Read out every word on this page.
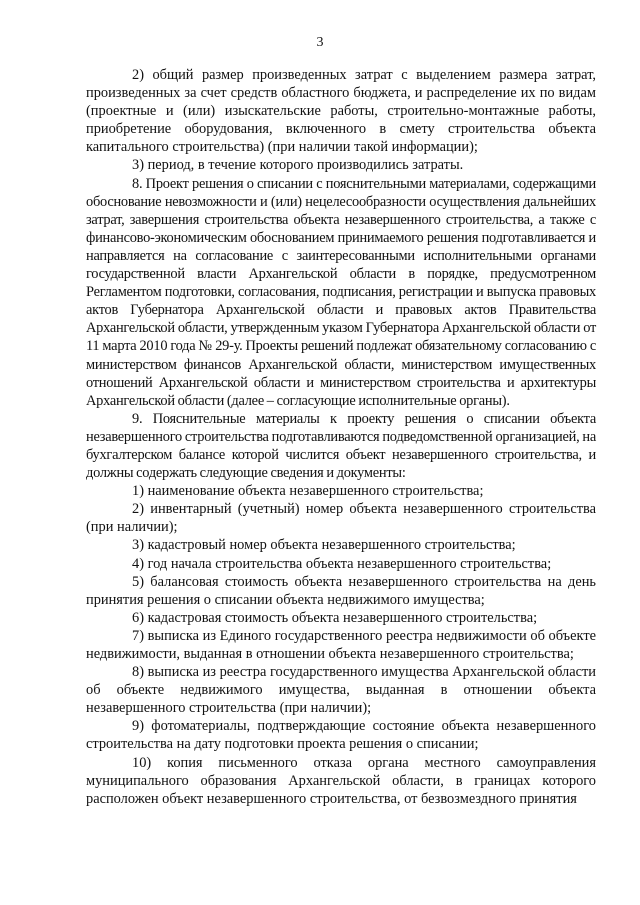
3

2) общий размер произведенных затрат с выделением размера затрат, произведенных за счет средств областного бюджета, и распределение их по видам (проектные и (или) изыскательские работы, строительно-монтажные работы, приобретение оборудования, включенного в смету строительства объекта капитального строительства) (при наличии такой информации);

3) период, в течение которого производились затраты.

8. Проект решения о списании с пояснительными материалами, содержащими обоснование невозможности и (или) нецелесообразности осуществления дальнейших затрат, завершения строительства объекта незавершенного строительства, а также с финансово-экономическим обоснованием принимаемого решения подготавливается и направляется на согласование с заинтересованными исполнительными органами государственной власти Архангельской области в порядке, предусмотренном Регламентом подготовки, согласования, подписания, регистрации и выпуска правовых актов Губернатора Архангельской области и правовых актов Правительства Архангельской области, утвержденным указом Губернатора Архангельской области от 11 марта 2010 года № 29-у. Проекты решений подлежат обязательному согласованию с министерством финансов Архангельской области, министерством имущественных отношений Архангельской области и министерством строительства и архитектуры Архангельской области (далее – согласующие исполнительные органы).

9. Пояснительные материалы к проекту решения о списании объекта незавершенного строительства подготавливаются подведомственной организацией, на бухгалтерском балансе которой числится объект незавершенного строительства, и должны содержать следующие сведения и документы:

1) наименование объекта незавершенного строительства;

2) инвентарный (учетный) номер объекта незавершенного строительства (при наличии);

3) кадастровый номер объекта незавершенного строительства;

4) год начала строительства объекта незавершенного строительства;

5) балансовая стоимость объекта незавершенного строительства на день принятия решения о списании объекта недвижимого имущества;

6) кадастровая стоимость объекта незавершенного строительства;

7) выписка из Единого государственного реестра недвижимости об объекте недвижимости, выданная в отношении объекта незавершенного строительства;

8) выписка из реестра государственного имущества Архангельской области об объекте недвижимого имущества, выданная в отношении объекта незавершенного строительства (при наличии);

9) фотоматериалы, подтверждающие состояние объекта незавершенного строительства на дату подготовки проекта решения о списании;

10) копия письменного отказа органа местного самоуправления муниципального образования Архангельской области, в границах которого расположен объект незавершенного строительства, от безвозмездного принятия
